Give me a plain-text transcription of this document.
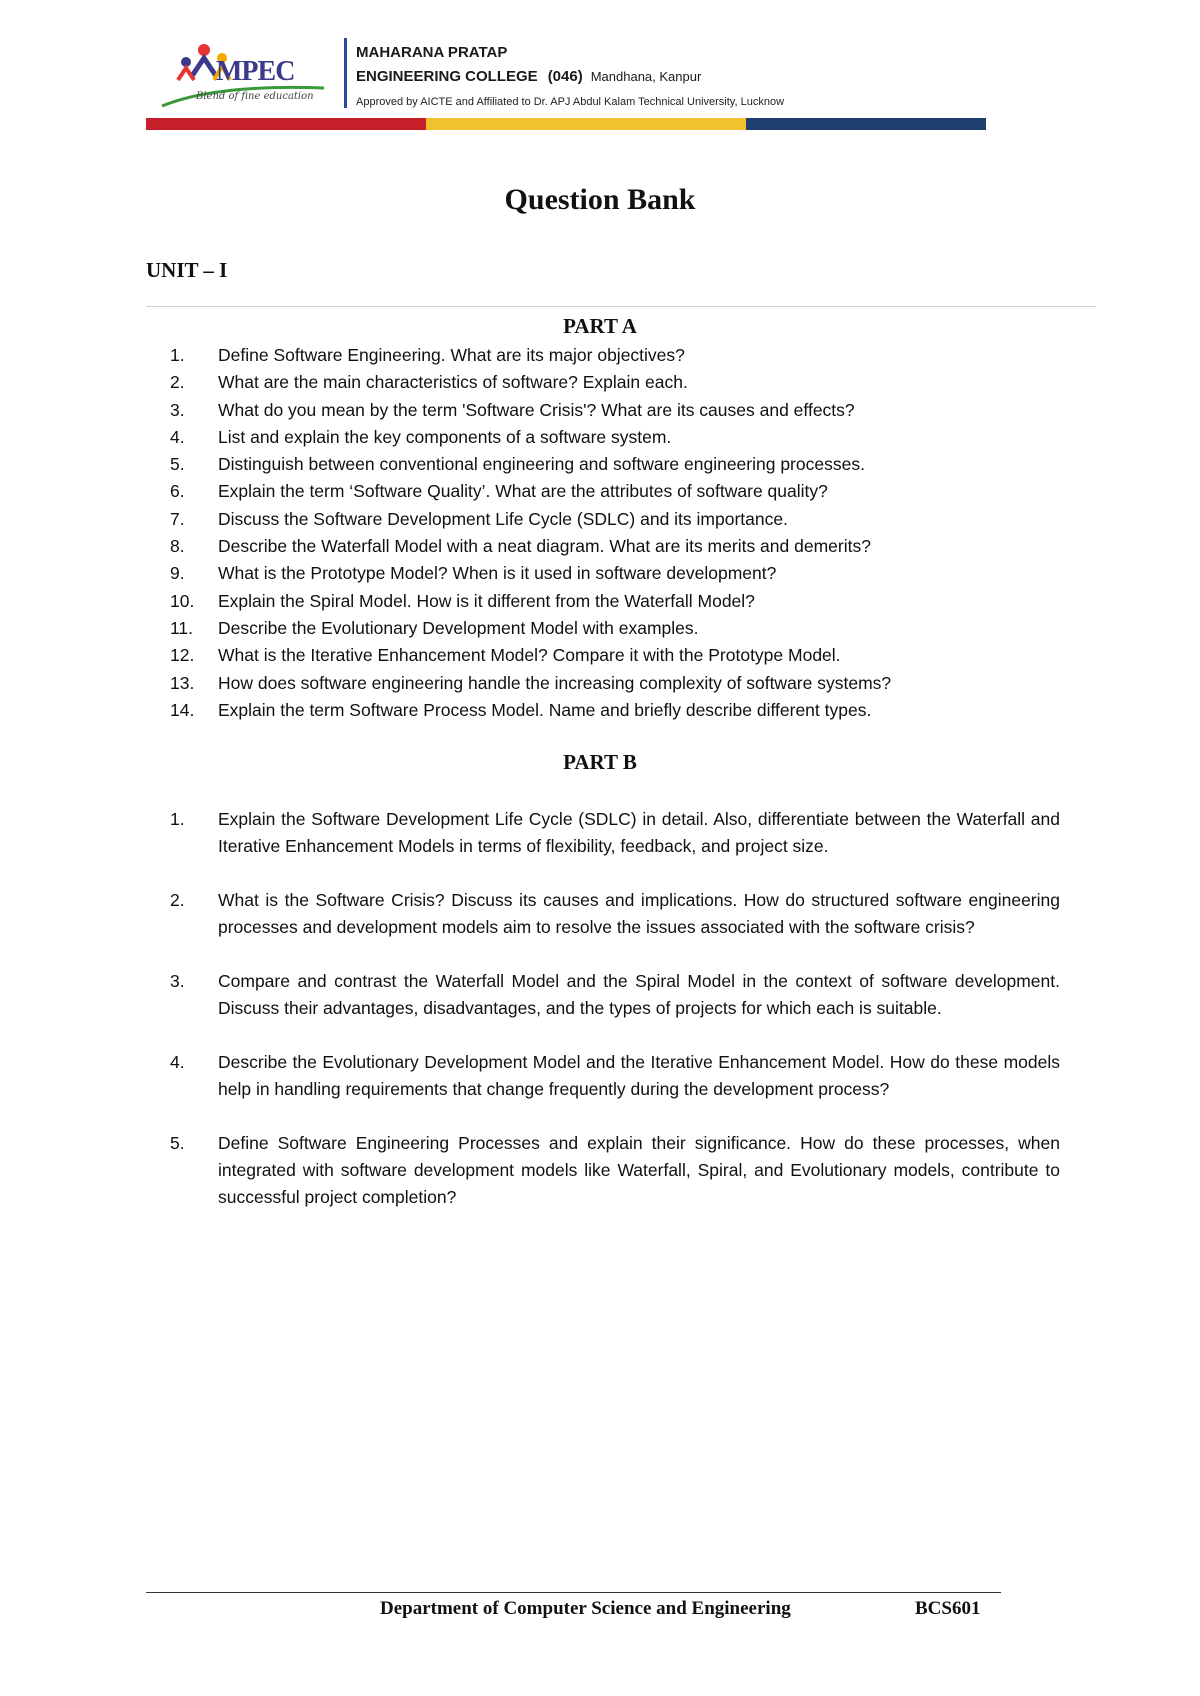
MPEC
Blend of fine education
MAHARANA PRATAP
ENGINEERING COLLEGE (046) Mandhana, Kanpur
Approved by AICTE and Affiliated to Dr. APJ Abdul Kalam Technical University, Lucknow
Question Bank
UNIT – I
PART A
1.	Define Software Engineering. What are its major objectives?
2.	What are the main characteristics of software? Explain each.
3.	What do you mean by the term 'Software Crisis'? What are its causes and effects?
4.	List and explain the key components of a software system.
5.	Distinguish between conventional engineering and software engineering processes.
6.	Explain the term ‘Software Quality’. What are the attributes of software quality?
7.	Discuss the Software Development Life Cycle (SDLC) and its importance.
8.	Describe the Waterfall Model with a neat diagram. What are its merits and demerits?
9.	What is the Prototype Model? When is it used in software development?
10.	Explain the Spiral Model. How is it different from the Waterfall Model?
11.	Describe the Evolutionary Development Model with examples.
12.	What is the Iterative Enhancement Model? Compare it with the Prototype Model.
13.	How does software engineering handle the increasing complexity of software systems?
14.	Explain the term Software Process Model. Name and briefly describe different types.
PART B
1.	Explain the Software Development Life Cycle (SDLC) in detail. Also, differentiate between the Waterfall and Iterative Enhancement Models in terms of flexibility, feedback, and project size.
2.	What is the Software Crisis? Discuss its causes and implications. How do structured software engineering processes and development models aim to resolve the issues associated with the software crisis?
3.	Compare and contrast the Waterfall Model and the Spiral Model in the context of software development. Discuss their advantages, disadvantages, and the types of projects for which each is suitable.
4.	Describe the Evolutionary Development Model and the Iterative Enhancement Model. How do these models help in handling requirements that change frequently during the development process?
5.	Define Software Engineering Processes and explain their significance. How do these processes, when integrated with software development models like Waterfall, Spiral, and Evolutionary models, contribute to successful project completion?
Department of Computer Science and Engineering	BCS601
